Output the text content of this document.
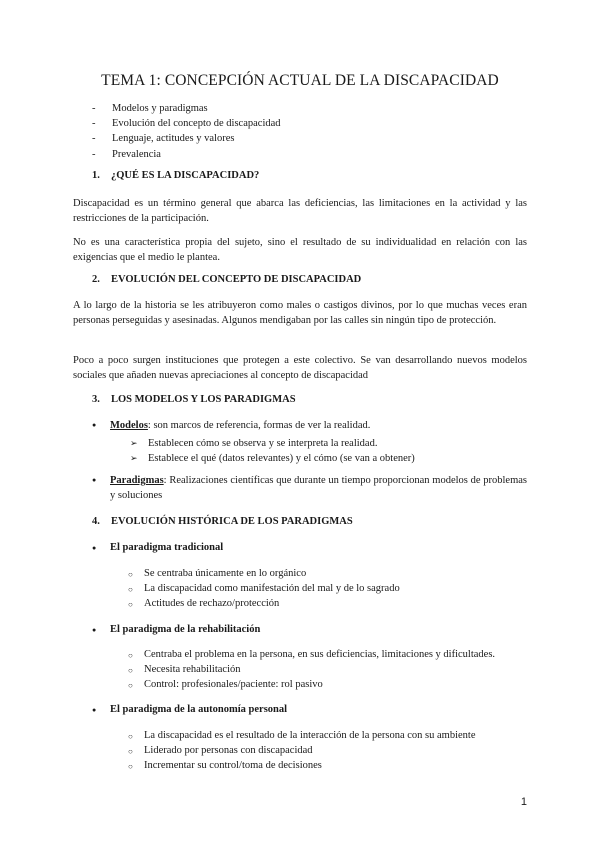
TEMA 1: CONCEPCIÓN ACTUAL DE LA DISCAPACIDAD
- Modelos y paradigmas
- Evolución del concepto de discapacidad
- Lenguaje, actitudes y valores
- Prevalencia
1. ¿QUÉ ES LA DISCAPACIDAD?

Discapacidad es un término general que abarca las deficiencias, las limitaciones en la actividad y las restricciones de la participación.

No es una característica propia del sujeto, sino el resultado de su individualidad en relación con las exigencias que el medio le plantea.

2. EVOLUCIÓN DEL CONCEPTO DE DISCAPACIDAD

A lo largo de la historia se les atribuyeron como males o castigos divinos, por lo que muchas veces eran personas perseguidas y asesinadas. Algunos mendigaban por las calles sin ningún tipo de protección.

Poco a poco surgen instituciones que protegen a este colectivo. Se van desarrollando nuevos modelos sociales que añaden nuevas apreciaciones al concepto de discapacidad

3. LOS MODELOS Y LOS PARADIGMAS

● Modelos: son marcos de referencia, formas de ver la realidad.

➢ Establecen cómo se observa y se interpreta la realidad.
➢ Establece el qué (datos relevantes) y el cómo (se van a obtener)

● Paradigmas: Realizaciones científicas que durante un tiempo proporcionan modelos de problemas y soluciones

4. EVOLUCIÓN HISTÓRICA DE LOS PARADIGMAS

● El paradigma tradicional

○ Se centraba únicamente en lo orgánico
○ La discapacidad como manifestación del mal y de lo sagrado
○ Actitudes de rechazo/protección

● El paradigma de la rehabilitación

○ Centraba el problema en la persona, en sus deficiencias, limitaciones y dificultades.
○ Necesita rehabilitación
○ Control: profesionales/paciente: rol pasivo

● El paradigma de la autonomía personal

○ La discapacidad es el resultado de la interacción de la persona con su ambiente
○ Liderado por personas con discapacidad
○ Incrementar su control/toma de decisiones

1
